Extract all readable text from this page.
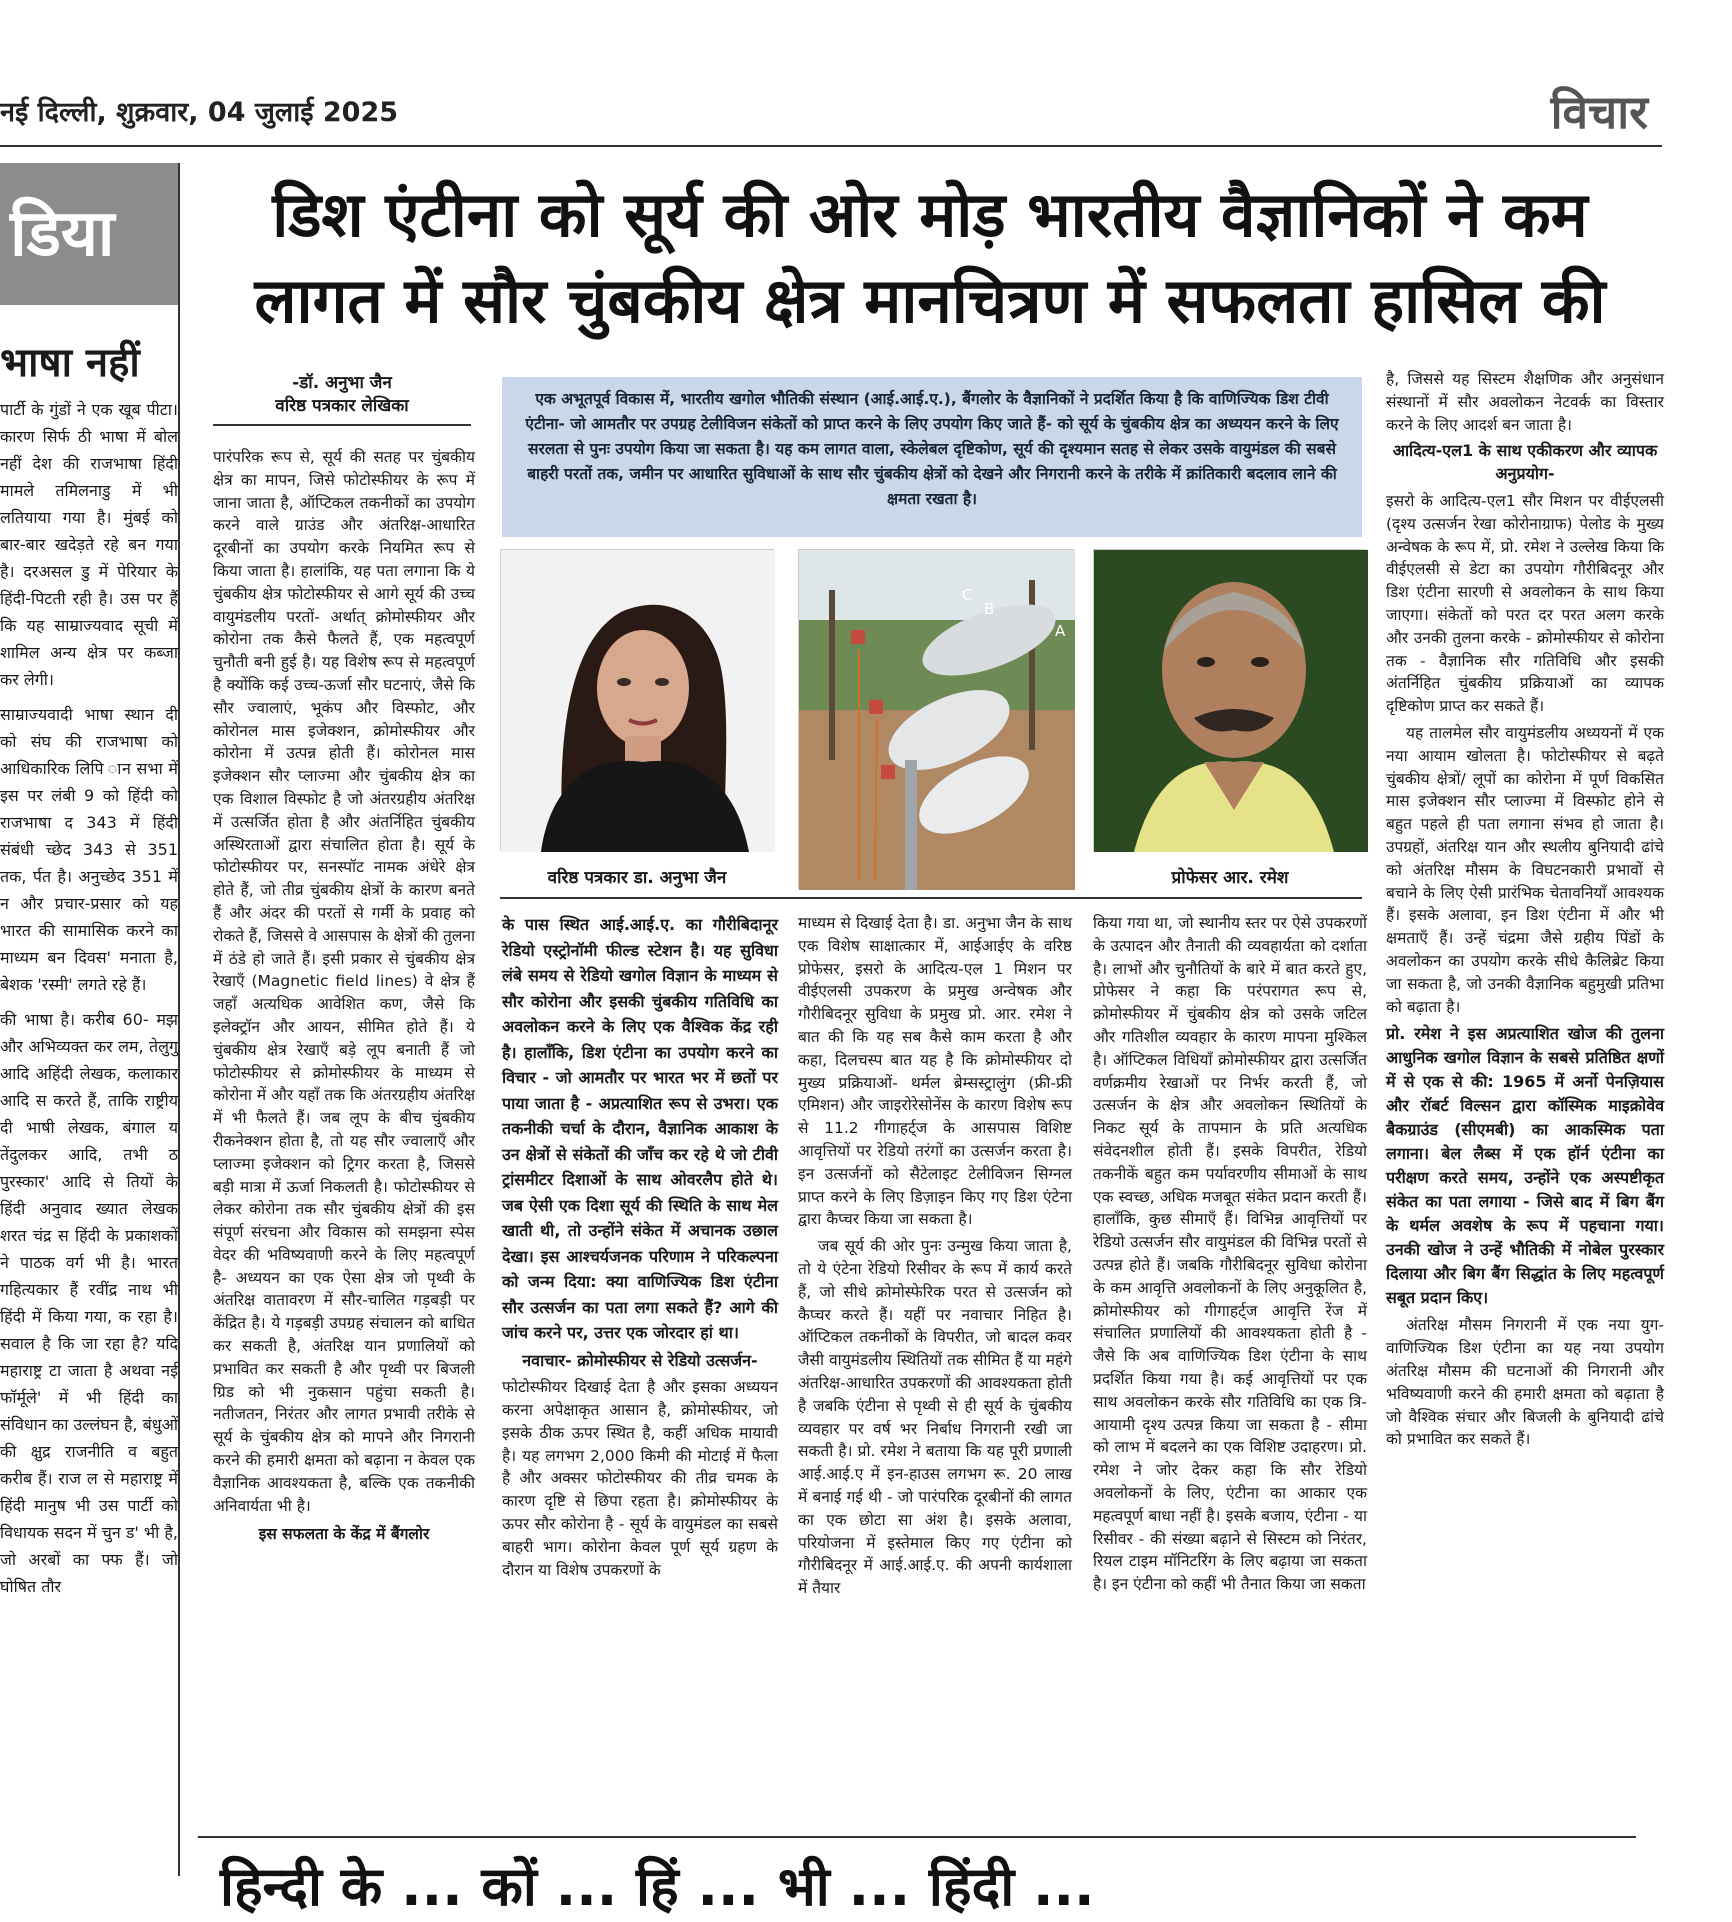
नई दिल्ली, शुक्रवार, 04 जुलाई 2025	विचार
डिया
भाषा नहीं

पार्टी के गुंडों ने एक खूब पीटा। कारण सिर्फ ठी भाषा में बोल नहीं देश की राजभाषा हिंदी मामले तमिलनाडु में भी लतियाया गया है। मुंबई को बार-बार खदेड़ते रहे बन गया है। दरअसल डु में पेरियार के हिंदी-पिटती रही है। उस पर हैं कि यह साम्राज्यवाद सूची में शामिल अन्य क्षेत्र पर कब्जा कर लेगी।

साम्राज्यवादी भाषा स्थान दी को संघ की राजभाषा को आधिकारिक लिपि ान सभा में इस पर लंबी 9 को हिंदी को राजभाषा द 343 में हिंदी संबंधी च्छेद 343 से 351 तक, र्पत है। अनुच्छेद 351 में न और प्रचार-प्रसार को यह भारत की सामासिक करने का माध्यम बन दिवस' मनाता है, बेशक 'रस्मी' लगते रहे हैं।

की भाषा है। करीब 60- मझ और अभिव्यक्त कर लम, तेलुगु आदि अहिंदी लेखक, कलाकार आदि स करते हैं, ताकि राष्ट्रीय दी भाषी लेखक, बंगाल य तेंदुलकर आदि, तभी ठ पुरस्कार' आदि से तियों के हिंदी अनुवाद ख्यात लेखक शरत चंद्र स हिंदी के प्रकाशकों ने पाठक वर्ग भी है। भारत गहित्यकार हैं रवींद्र नाथ भी हिंदी में किया गया, क रहा है। सवाल है कि जा रहा है? यदि महाराष्ट्र टा जाता है अथवा नई फॉर्मूले' में भी हिंदी का संविधान का उल्लंघन है, बंधुओं की क्षुद्र राजनीति व बहुत करीब हैं। राज ल से महाराष्ट्र में हिंदी मानुष भी उस पार्टी को विधायक सदन में चुन ड' भी है, जो अरबों का फ्फ हैं। जो घोषित तौर

डिश एंटीना को सूर्य की ओर मोड़ भारतीय वैज्ञानिकों ने कम लागत में सौर चुंबकीय क्षेत्र मानचित्रण में सफलता हासिल की
-डॉ. अनुभा जैन
वरिष्ठ पत्रकार लेखिका

पारंपरिक रूप से, सूर्य की सतह पर चुंबकीय क्षेत्र का मापन, जिसे फोटोस्फीयर के रूप में जाना जाता है, ऑप्टिकल तकनीकों का उपयोग करने वाले ग्राउंड और अंतरिक्ष-आधारित दूरबीनों का उपयोग करके नियमित रूप से किया जाता है। हालांकि, यह पता लगाना कि ये चुंबकीय क्षेत्र फोटोस्फीयर से आगे सूर्य की उच्च वायुमंडलीय परतों- अर्थात् क्रोमोस्फीयर और कोरोना तक कैसे फैलते हैं, एक महत्वपूर्ण चुनौती बनी हुई है। यह विशेष रूप से महत्वपूर्ण है क्योंकि कई उच्च-ऊर्जा सौर घटनाएं, जैसे कि सौर ज्वालाएं, भूकंप और विस्फोट, और कोरोनल मास इजेक्शन, क्रोमोस्फीयर और कोरोना में उत्पन्न होती हैं। कोरोनल मास इजेक्शन सौर प्लाज्मा और चुंबकीय क्षेत्र का एक विशाल विस्फोट है जो अंतरग्रहीय अंतरिक्ष में उत्सर्जित होता है और अंतर्निहित चुंबकीय अस्थिरताओं द्वारा संचालित होता है। सूर्य के फोटोस्फीयर पर, सनस्पॉट नामक अंधेरे क्षेत्र होते हैं, जो तीव्र चुंबकीय क्षेत्रों के कारण बनते हैं और अंदर की परतों से गर्मी के प्रवाह को रोकते हैं, जिससे वे आसपास के क्षेत्रों की तुलना में ठंडे हो जाते हैं। इसी प्रकार से चुंबकीय क्षेत्र रेखाएँ (Magnetic field lines) वे क्षेत्र हैं जहाँ अत्यधिक आवेशित कण, जैसे कि इलेक्ट्रॉन और आयन, सीमित होते हैं। ये चुंबकीय क्षेत्र रेखाएँ बड़े लूप बनाती हैं जो फोटोस्फीयर से क्रोमोस्फीयर के माध्यम से कोरोना में और यहाँ तक कि अंतरग्रहीय अंतरिक्ष में भी फैलते हैं। जब लूप के बीच चुंबकीय रीकनेक्शन होता है, तो यह सौर ज्वालाएँ और प्लाज्मा इजेक्शन को ट्रिगर करता है, जिससे बड़ी मात्रा में ऊर्जा निकलती है। फोटोस्फीयर से लेकर कोरोना तक सौर चुंबकीय क्षेत्रों की इस संपूर्ण संरचना और विकास को समझना स्पेस वेदर की भविष्यवाणी करने के लिए महत्वपूर्ण है- अध्ययन का एक ऐसा क्षेत्र जो पृथ्वी के अंतरिक्ष वातावरण में सौर-चालित गड़बड़ी पर केंद्रित है। ये गड़बड़ी उपग्रह संचालन को बाधित कर सकती है, अंतरिक्ष यान प्रणालियों को प्रभावित कर सकती है और पृथ्वी पर बिजली ग्रिड को भी नुकसान पहुंचा सकती है। नतीजतन, निरंतर और लागत प्रभावी तरीके से सूर्य के चुंबकीय क्षेत्र को मापने और निगरानी करने की हमारी क्षमता को बढ़ाना न केवल एक वैज्ञानिक आवश्यकता है, बल्कि एक तकनीकी अनिवार्यता भी है।

इस सफलता के केंद्र में बैंगलोर

एक अभूतपूर्व विकास में, भारतीय खगोल भौतिकी संस्थान (आई.आई.ए.), बैंगलोर के वैज्ञानिकों ने प्रदर्शित किया है कि वाणिज्यिक डिश टीवी एंटीना- जो आमतौर पर उपग्रह टेलीविजन संकेतों को प्राप्त करने के लिए उपयोग किए जाते हैं- को सूर्य के चुंबकीय क्षेत्र का अध्ययन करने के लिए सरलता से पुनः उपयोग किया जा सकता है। यह कम लागत वाला, स्केलेबल दृष्टिकोण, सूर्य की दृश्यमान सतह से लेकर उसके वायुमंडल की सबसे बाहरी परतों तक, जमीन पर आधारित सुविधाओं के साथ सौर चुंबकीय क्षेत्रों को देखने और निगरानी करने के तरीके में क्रांतिकारी बदलाव लाने की क्षमता रखता है।
वरिष्ठ पत्रकार डा. अनुभा जैन
C
B
A
प्रोफेसर आर. रमेश

के पास स्थित आई.आई.ए. का गौरीबिदानूर रेडियो एस्ट्रोनॉमी फील्ड स्टेशन है। यह सुविधा लंबे समय से रेडियो खगोल विज्ञान के माध्यम से सौर कोरोना और इसकी चुंबकीय गतिविधि का अवलोकन करने के लिए एक वैश्विक केंद्र रही है। हालाँकि, डिश एंटीना का उपयोग करने का विचार - जो आमतौर पर भारत भर में छतों पर पाया जाता है - अप्रत्याशित रूप से उभरा। एक तकनीकी चर्चा के दौरान, वैज्ञानिक आकाश के उन क्षेत्रों से संकेतों की जाँच कर रहे थे जो टीवी ट्रांसमीटर दिशाओं के साथ ओवरलैप होते थे। जब ऐसी एक दिशा सूर्य की स्थिति के साथ मेल खाती थी, तो उन्होंने संकेत में अचानक उछाल देखा। इस आश्चर्यजनक परिणाम ने परिकल्पना को जन्म दिया: क्या वाणिज्यिक डिश एंटीना सौर उत्सर्जन का पता लगा सकते हैं? आगे की जांच करने पर, उत्तर एक जोरदार हां था।

नवाचार- क्रोमोस्फीयर से रेडियो उत्सर्जन-

फोटोस्फीयर दिखाई देता है और इसका अध्ययन करना अपेक्षाकृत आसान है, क्रोमोस्फीयर, जो इसके ठीक ऊपर स्थित है, कहीं अधिक मायावी है। यह लगभग 2,000 किमी की मोटाई में फैला है और अक्सर फोटोस्फीयर की तीव्र चमक के कारण दृष्टि से छिपा रहता है। क्रोमोस्फीयर के ऊपर सौर कोरोना है - सूर्य के वायुमंडल का सबसे बाहरी भाग। कोरोना केवल पूर्ण सूर्य ग्रहण के दौरान या विशेष उपकरणों के

माध्यम से दिखाई देता है। डा. अनुभा जैन के साथ एक विशेष साक्षात्कार में, आईआईए के वरिष्ठ प्रोफेसर, इसरो के आदित्य-एल 1 मिशन पर वीईएलसी उपकरण के प्रमुख अन्वेषक और गौरीबिदनूर सुविधा के प्रमुख प्रो. आर. रमेश ने बात की कि यह सब कैसे काम करता है और कहा, दिलचस्प बात यह है कि क्रोमोस्फीयर दो मुख्य प्रक्रियाओं- थर्मल ब्रेम्सस्ट्रालुंग (फ्री-फ्री एमिशन) और जाइरोरेसोनेंस के कारण विशेष रूप से 11.2 गीगाहर्ट्ज के आसपास विशिष्ट आवृत्तियों पर रेडियो तरंगों का उत्सर्जन करता है। इन उत्सर्जनों को सैटेलाइट टेलीविजन सिग्नल प्राप्त करने के लिए डिज़ाइन किए गए डिश एंटेना द्वारा कैप्चर किया जा सकता है।

जब सूर्य की ओर पुनः उन्मुख किया जाता है, तो ये एंटेना रेडियो रिसीवर के रूप में कार्य करते हैं, जो सीधे क्रोमोस्फेरिक परत से उत्सर्जन को कैप्चर करते हैं। यहीं पर नवाचार निहित है। ऑप्टिकल तकनीकों के विपरीत, जो बादल कवर जैसी वायुमंडलीय स्थितियों तक सीमित हैं या महंगे अंतरिक्ष-आधारित उपकरणों की आवश्यकता होती है जबकि एंटीना से पृथ्वी से ही सूर्य के चुंबकीय व्यवहार पर वर्ष भर निर्बाध निगरानी रखी जा सकती है। प्रो. रमेश ने बताया कि यह पूरी प्रणाली आई.आई.ए में इन-हाउस लगभग रू. 20 लाख में बनाई गई थी - जो पारंपरिक दूरबीनों की लागत का एक छोटा सा अंश है। इसके अलावा, परियोजना में इस्तेमाल किए गए एंटीना को गौरीबिदनूर में आई.आई.ए. की अपनी कार्यशाला में तैयार

किया गया था, जो स्थानीय स्तर पर ऐसे उपकरणों के उत्पादन और तैनाती की व्यवहार्यता को दर्शाता है। लाभों और चुनौतियों के बारे में बात करते हुए, प्रोफेसर ने कहा कि परंपरागत रूप से, क्रोमोस्फीयर में चुंबकीय क्षेत्र को उसके जटिल और गतिशील व्यवहार के कारण मापना मुश्किल है। ऑप्टिकल विधियाँ क्रोमोस्फीयर द्वारा उत्सर्जित वर्णक्रमीय रेखाओं पर निर्भर करती हैं, जो उत्सर्जन के क्षेत्र और अवलोकन स्थितियों के निकट सूर्य के तापमान के प्रति अत्यधिक संवेदनशील होती हैं। इसके विपरीत, रेडियो तकनीकें बहुत कम पर्यावरणीय सीमाओं के साथ एक स्वच्छ, अधिक मजबूत संकेत प्रदान करती हैं। हालाँकि, कुछ सीमाएँ हैं। विभिन्न आवृत्तियों पर रेडियो उत्सर्जन सौर वायुमंडल की विभिन्न परतों से उत्पन्न होते हैं। जबकि गौरीबिदनूर सुविधा कोरोना के कम आवृत्ति अवलोकनों के लिए अनुकूलित है, क्रोमोस्फीयर को गीगाहर्ट्ज आवृत्ति रेंज में संचालित प्रणालियों की आवश्यकता होती है - जैसे कि अब वाणिज्यिक डिश एंटीना के साथ प्रदर्शित किया गया है। कई आवृत्तियों पर एक साथ अवलोकन करके सौर गतिविधि का एक त्रि-आयामी दृश्य उत्पन्न किया जा सकता है - सीमा को लाभ में बदलने का एक विशिष्ट उदाहरण। प्रो. रमेश ने जोर देकर कहा कि सौर रेडियो अवलोकनों के लिए, एंटीना का आकार एक महत्वपूर्ण बाधा नहीं है। इसके बजाय, एंटीना - या रिसीवर - की संख्या बढ़ाने से सिस्टम को निरंतर, रियल टाइम मॉनिटरिंग के लिए बढ़ाया जा सकता है। इन एंटीना को कहीं भी तैनात किया जा सकता

है, जिससे यह सिस्टम शैक्षणिक और अनुसंधान संस्थानों में सौर अवलोकन नेटवर्क का विस्तार करने के लिए आदर्श बन जाता है।

आदित्य-एल1 के साथ एकीकरण और व्यापक अनुप्रयोग-

इसरो के आदित्य-एल1 सौर मिशन पर वीईएलसी (दृश्य उत्सर्जन रेखा कोरोनाग्राफ) पेलोड के मुख्य अन्वेषक के रूप में, प्रो. रमेश ने उल्लेख किया कि वीईएलसी से डेटा का उपयोग गौरीबिदनूर और डिश एंटीना सारणी से अवलोकन के साथ किया जाएगा। संकेतों को परत दर परत अलग करके और उनकी तुलना करके - क्रोमोस्फीयर से कोरोना तक - वैज्ञानिक सौर गतिविधि और इसकी अंतर्निहित चुंबकीय प्रक्रियाओं का व्यापक दृष्टिकोण प्राप्त कर सकते हैं।

यह तालमेल सौर वायुमंडलीय अध्ययनों में एक नया आयाम खोलता है। फोटोस्फीयर से बढ़ते चुंबकीय क्षेत्रों/ लूपों का कोरोना में पूर्ण विकसित मास इजेक्शन सौर प्लाज्मा में विस्फोट होने से बहुत पहले ही पता लगाना संभव हो जाता है। उपग्रहों, अंतरिक्ष यान और स्थलीय बुनियादी ढांचे को अंतरिक्ष मौसम के विघटनकारी प्रभावों से बचाने के लिए ऐसी प्रारंभिक चेतावनियाँ आवश्यक हैं। इसके अलावा, इन डिश एंटीना में और भी क्षमताएँ हैं। उन्हें चंद्रमा जैसे ग्रहीय पिंडों के अवलोकन का उपयोग करके सीधे कैलिब्रेट किया जा सकता है, जो उनकी वैज्ञानिक बहुमुखी प्रतिभा को बढ़ाता है।

प्रो. रमेश ने इस अप्रत्याशित खोज की तुलना आधुनिक खगोल विज्ञान के सबसे प्रतिष्ठित क्षणों में से एक से की: 1965 में अर्नो पेनज़ियास और रॉबर्ट विल्सन द्वारा कॉस्मिक माइक्रोवेव बैकग्राउंड (सीएमबी) का आकस्मिक पता लगाना। बेल लैब्स में एक हॉर्न एंटीना का परीक्षण करते समय, उन्होंने एक अस्पष्टीकृत संकेत का पता लगाया - जिसे बाद में बिग बैंग के थर्मल अवशेष के रूप में पहचाना गया। उनकी खोज ने उन्हें भौतिकी में नोबेल पुरस्कार दिलाया और बिग बैंग सिद्धांत के लिए महत्वपूर्ण सबूत प्रदान किए।

अंतरिक्ष मौसम निगरानी में एक नया युग- वाणिज्यिक डिश एंटीना का यह नया उपयोग अंतरिक्ष मौसम की घटनाओं की निगरानी और भविष्यवाणी करने की हमारी क्षमता को बढ़ाता है जो वैश्विक संचार और बिजली के बुनियादी ढांचे को प्रभावित कर सकते हैं।

हिन्दी के ... कों ... हिं ... भी ... हिंदी ...
